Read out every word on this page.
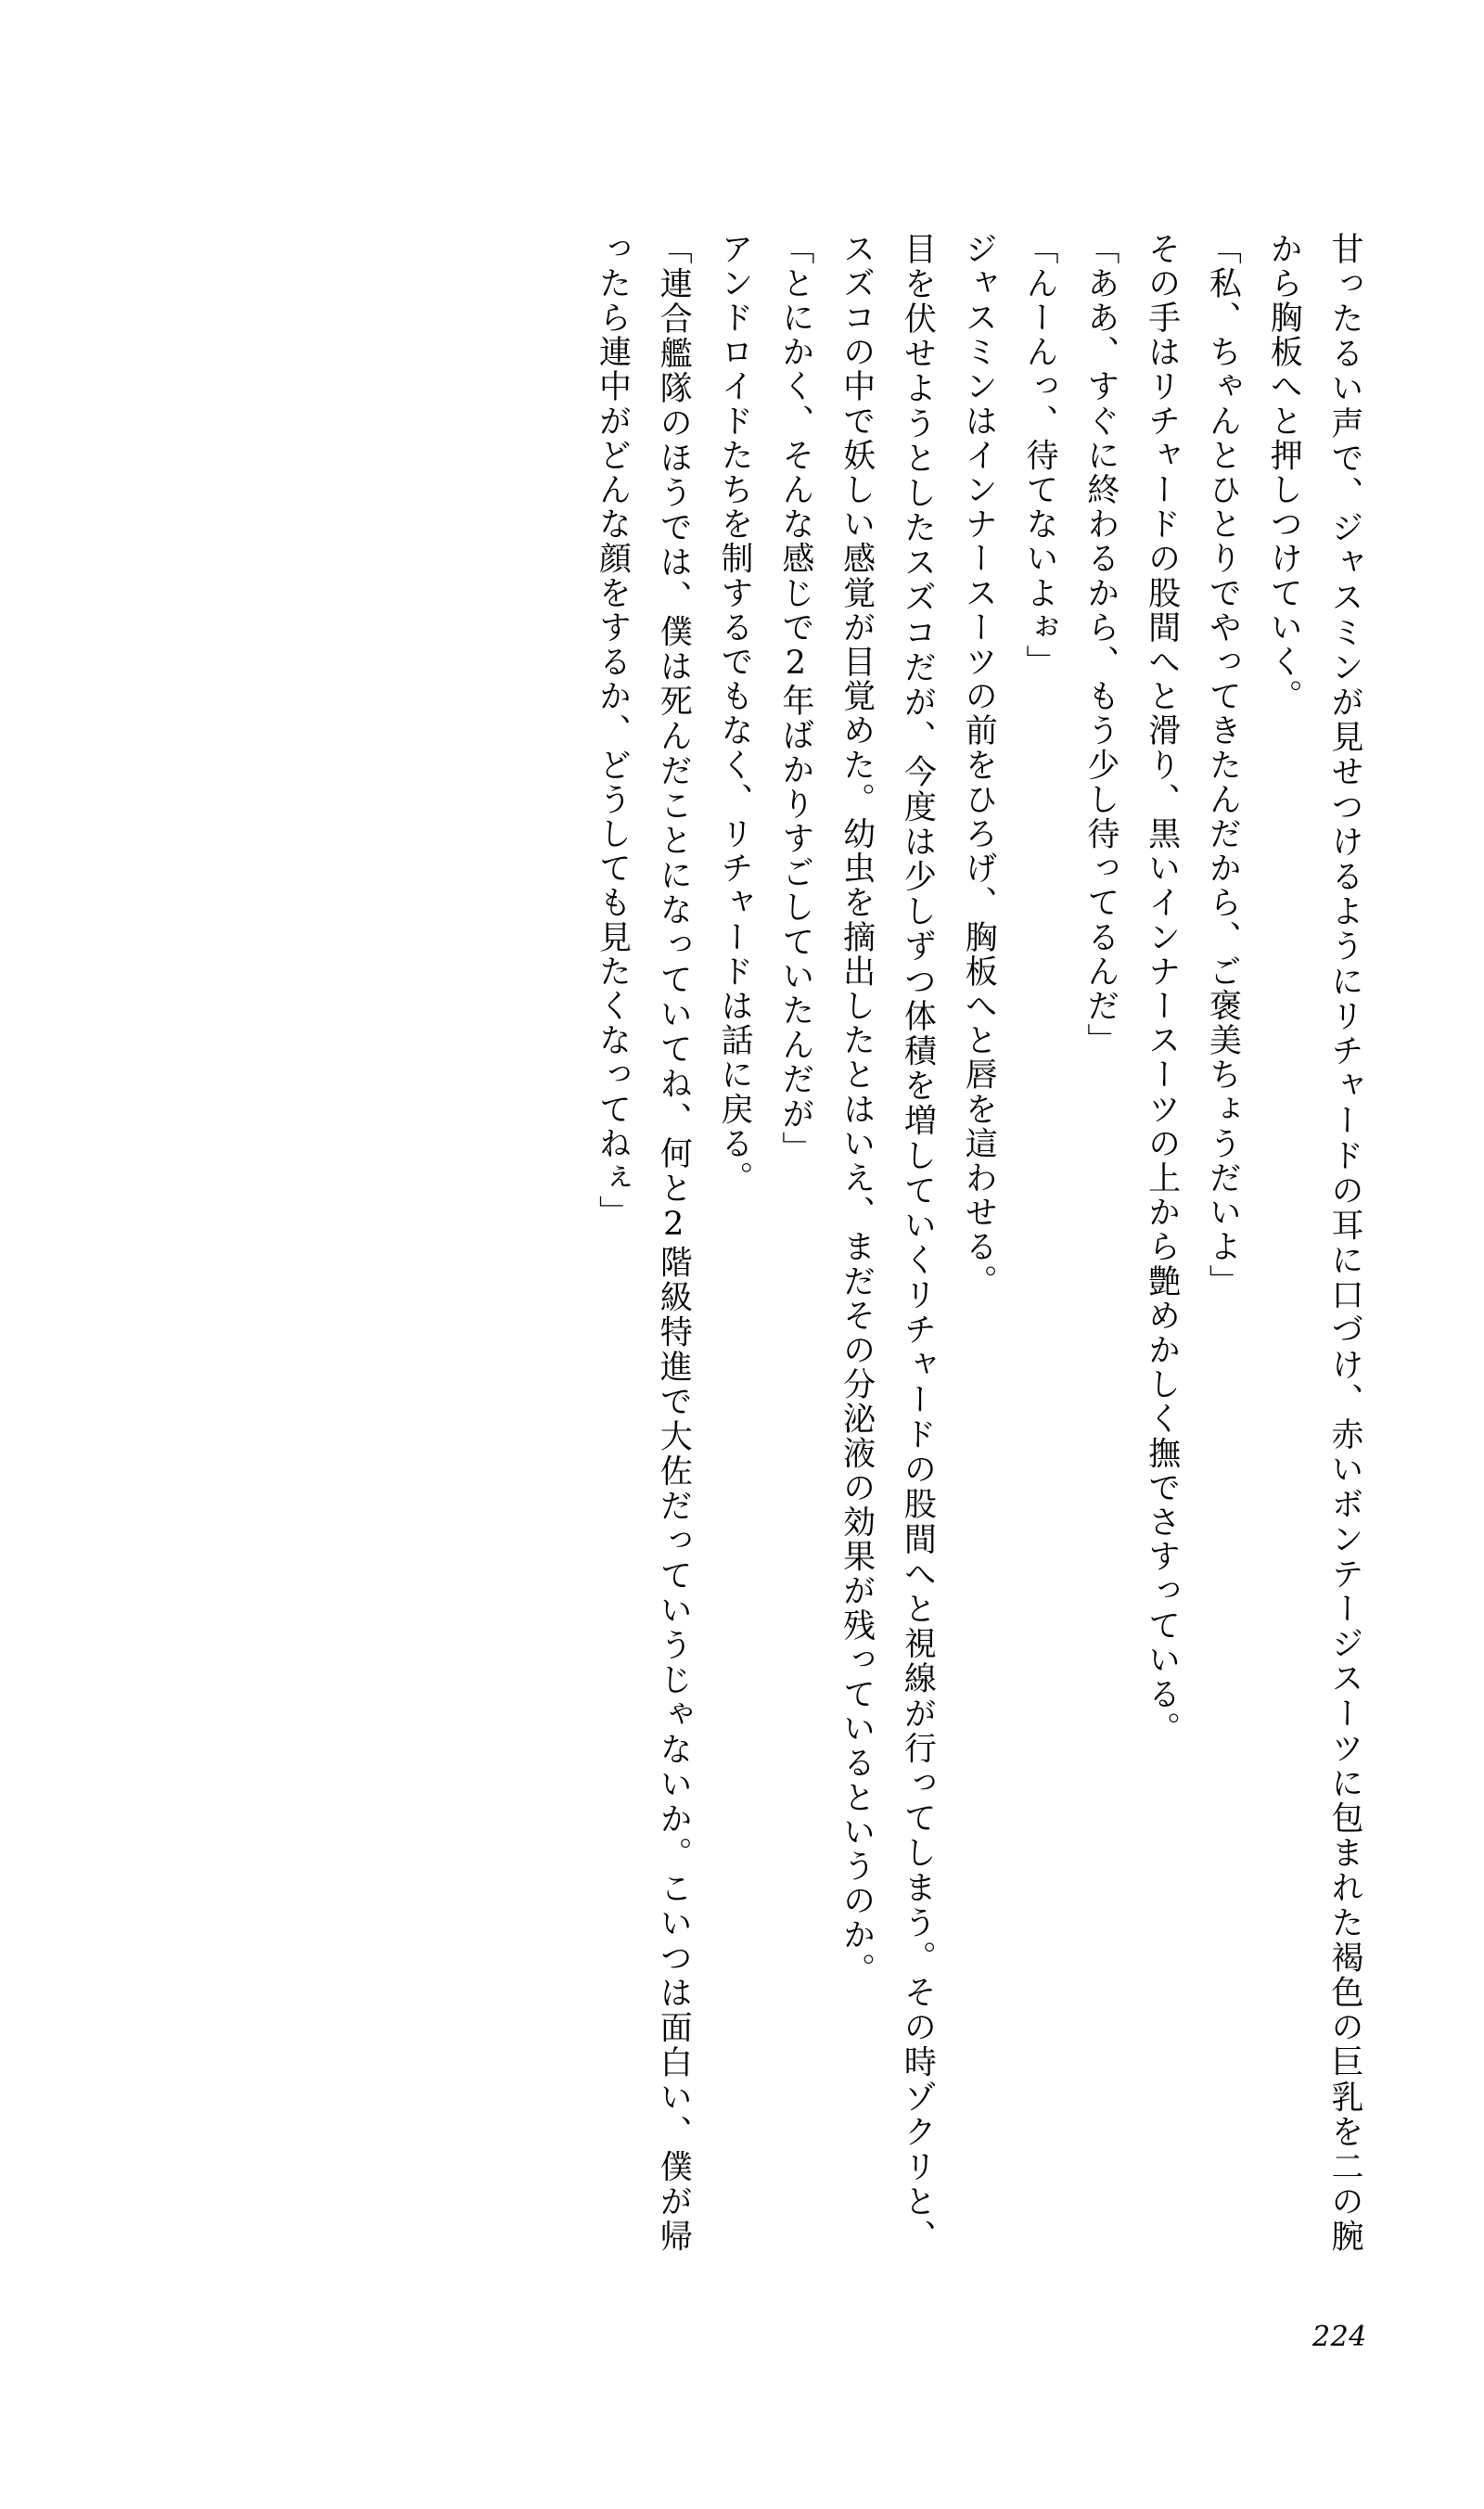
甘ったるい声で、ジャスミンが見せつけるようにリチャードの耳に口づけ、赤いボンテージスーツに包まれた褐色の巨乳を二の腕から胸板へと押しつけていく。

「私、ちゃんとひとりでやってきたんだから、ご褒美ちょうだいよ」

その手はリチャードの股間へと滑り、黒いインナースーツの上から艶めかしく撫でさすっている。

「ああ、すぐに終わるから、もう少し待ってるんだ」

「んーんっ、待てないよぉ」

ジャスミンはインナースーツの前をひろげ、胸板へと唇を這わせる。

目を伏せようとしたスズコだが、今度は少しずつ体積を増していくリチャードの股間へと視線が行ってしまう。その時ゾクリと、スズコの中で妖しい感覚が目覚めた。幼虫を摘出したとはいえ、まだその分泌液の効果が残っているというのか。

「とにかく、そんな感じで2年ばかりすごしていたんだが」

アンドロイドたちを制するでもなく、リチャードは話に戻る。

「連合艦隊のほうでは、僕は死んだことになっていてね、何と2階級特進で大佐だっていうじゃないか。こいつは面白い、僕が帰ったら連中がどんな顔をするか、どうしても見たくなってねぇ」

224
